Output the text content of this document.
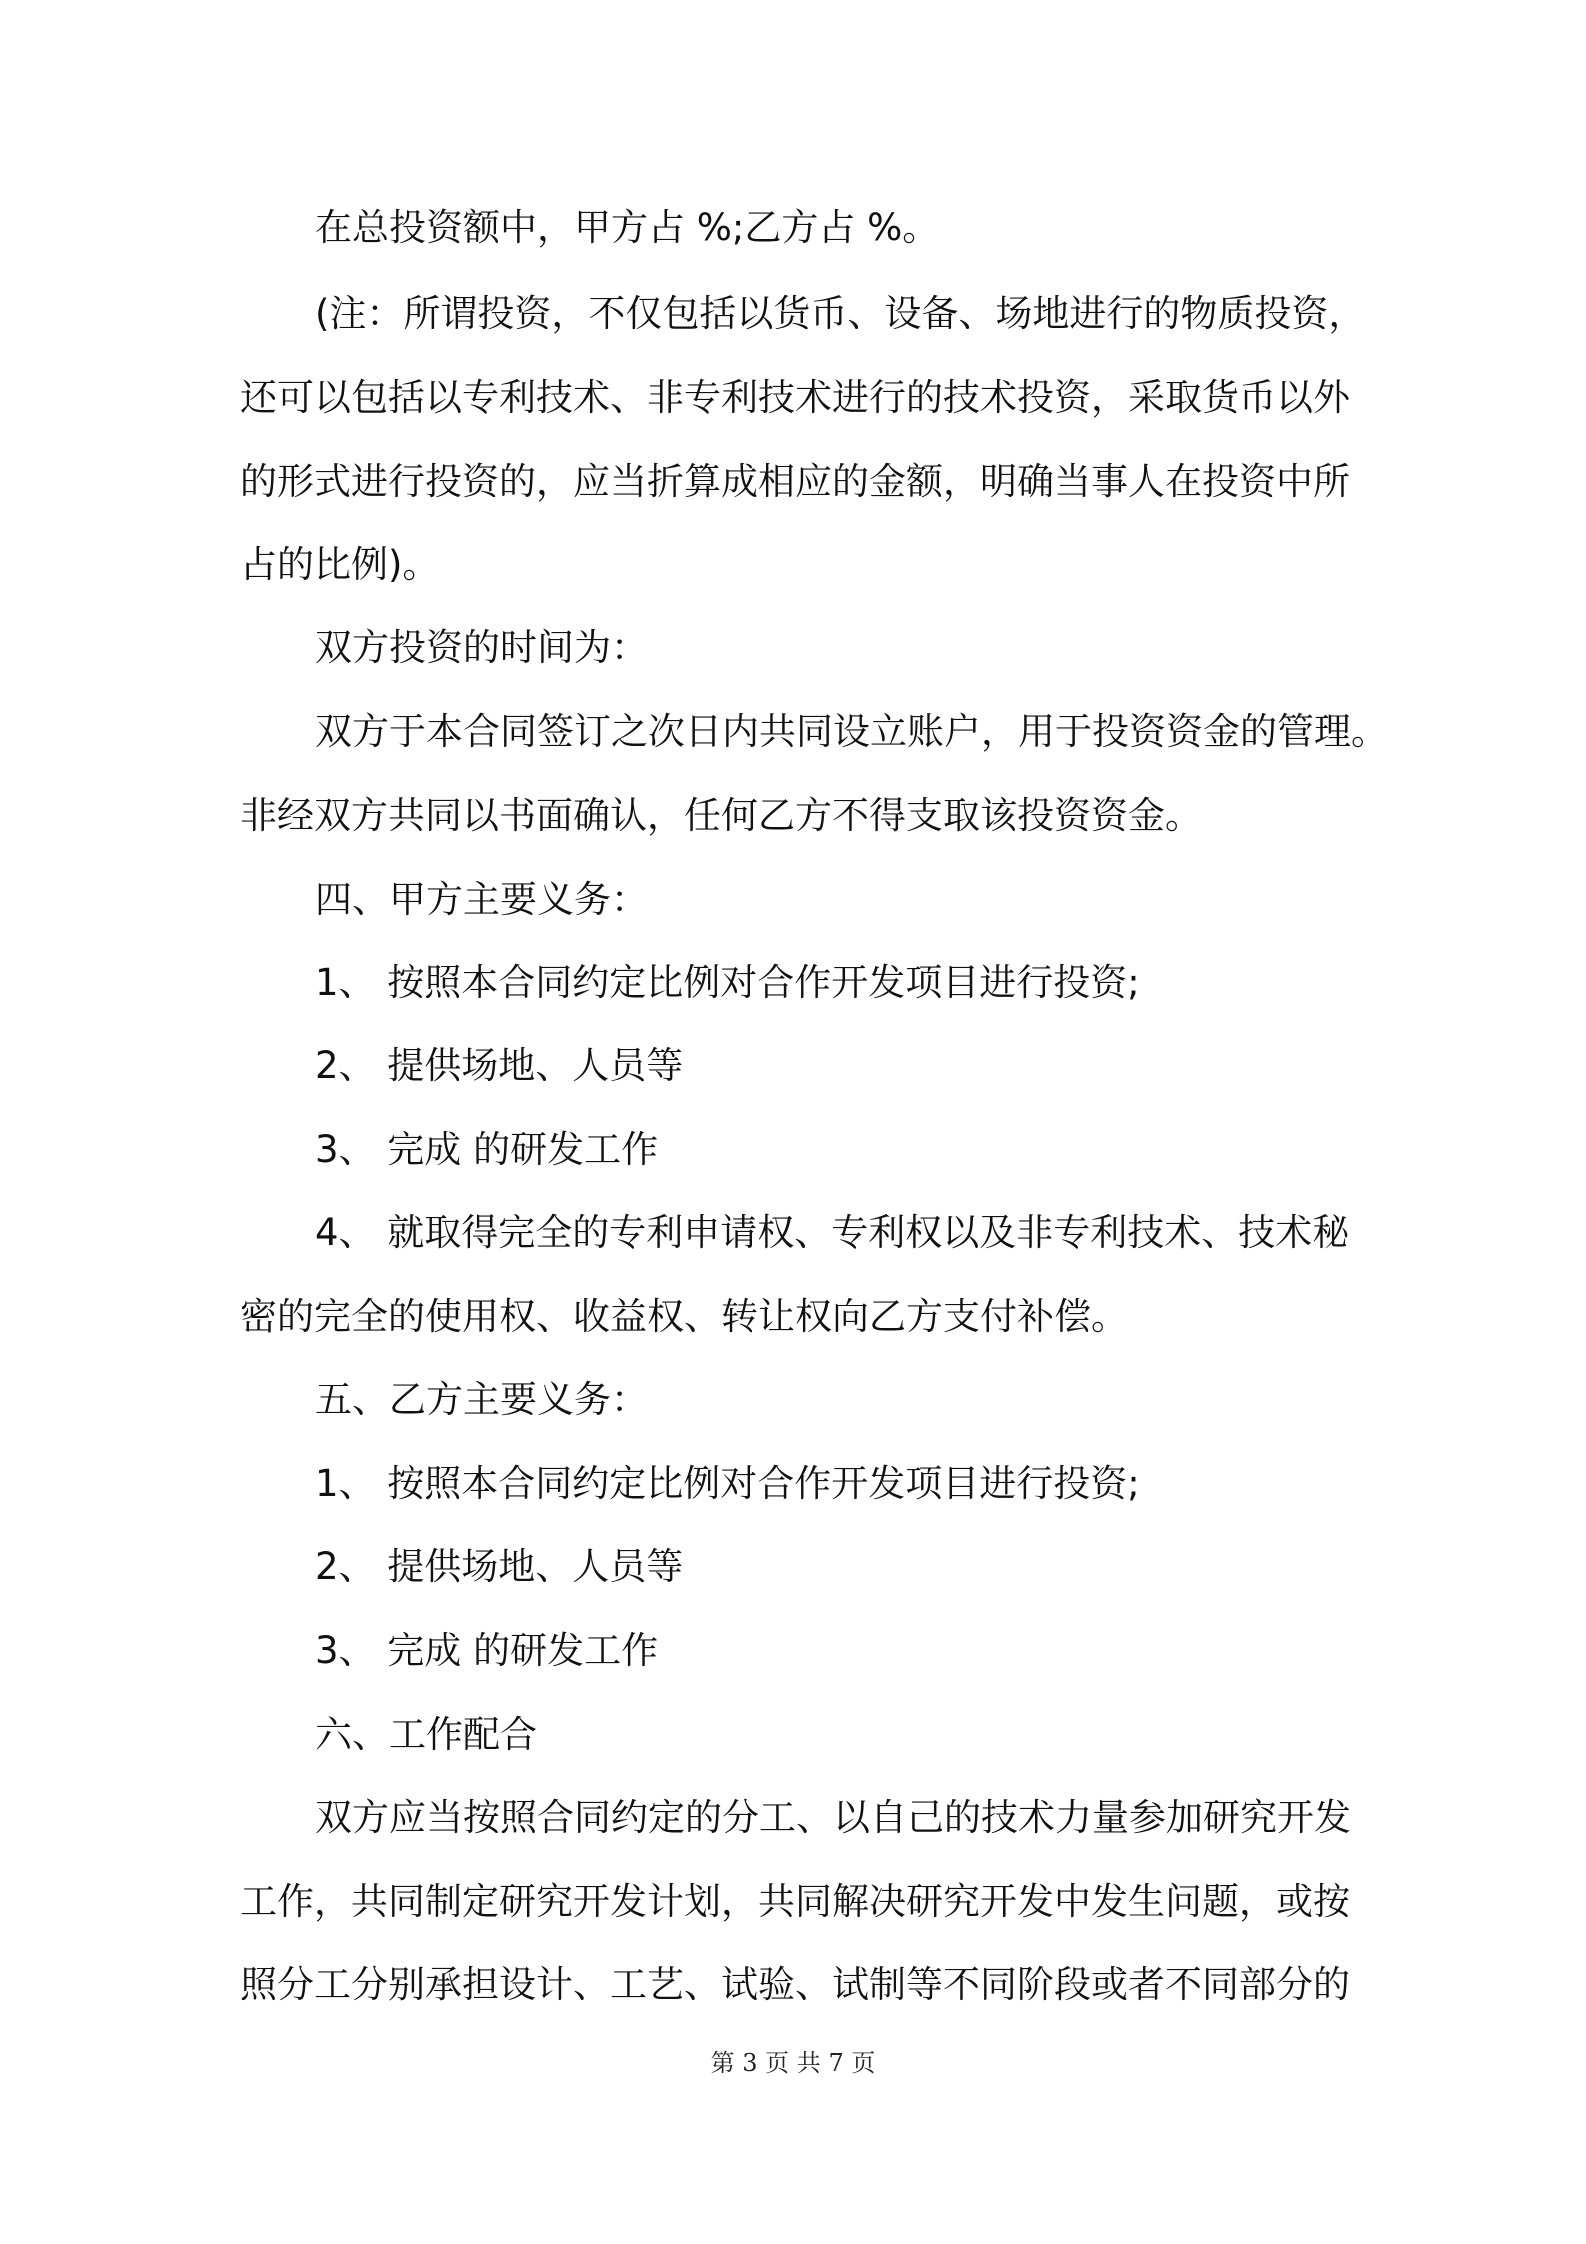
在总投资额中，甲方占 %;乙方占 %。
(注：所谓投资，不仅包括以货币、设备、场地进行的物质投资，
还可以包括以专利技术、非专利技术进行的技术投资，采取货币以外
的形式进行投资的，应当折算成相应的金额，明确当事人在投资中所
占的比例)。
双方投资的时间为：
双方于本合同签订之次日内共同设立账户，用于投资资金的管理。
非经双方共同以书面确认，任何乙方不得支取该投资资金。
四、甲方主要义务：
1、 按照本合同约定比例对合作开发项目进行投资;
2、 提供场地、人员等
3、 完成 的研发工作
4、 就取得完全的专利申请权、专利权以及非专利技术、技术秘
密的完全的使用权、收益权、转让权向乙方支付补偿。
五、乙方主要义务：
1、 按照本合同约定比例对合作开发项目进行投资;
2、 提供场地、人员等
3、 完成 的研发工作
六、工作配合
双方应当按照合同约定的分工、以自己的技术力量参加研究开发
工作，共同制定研究开发计划，共同解决研究开发中发生问题，或按
照分工分别承担设计、工艺、试验、试制等不同阶段或者不同部分的
第 3 页 共 7 页
